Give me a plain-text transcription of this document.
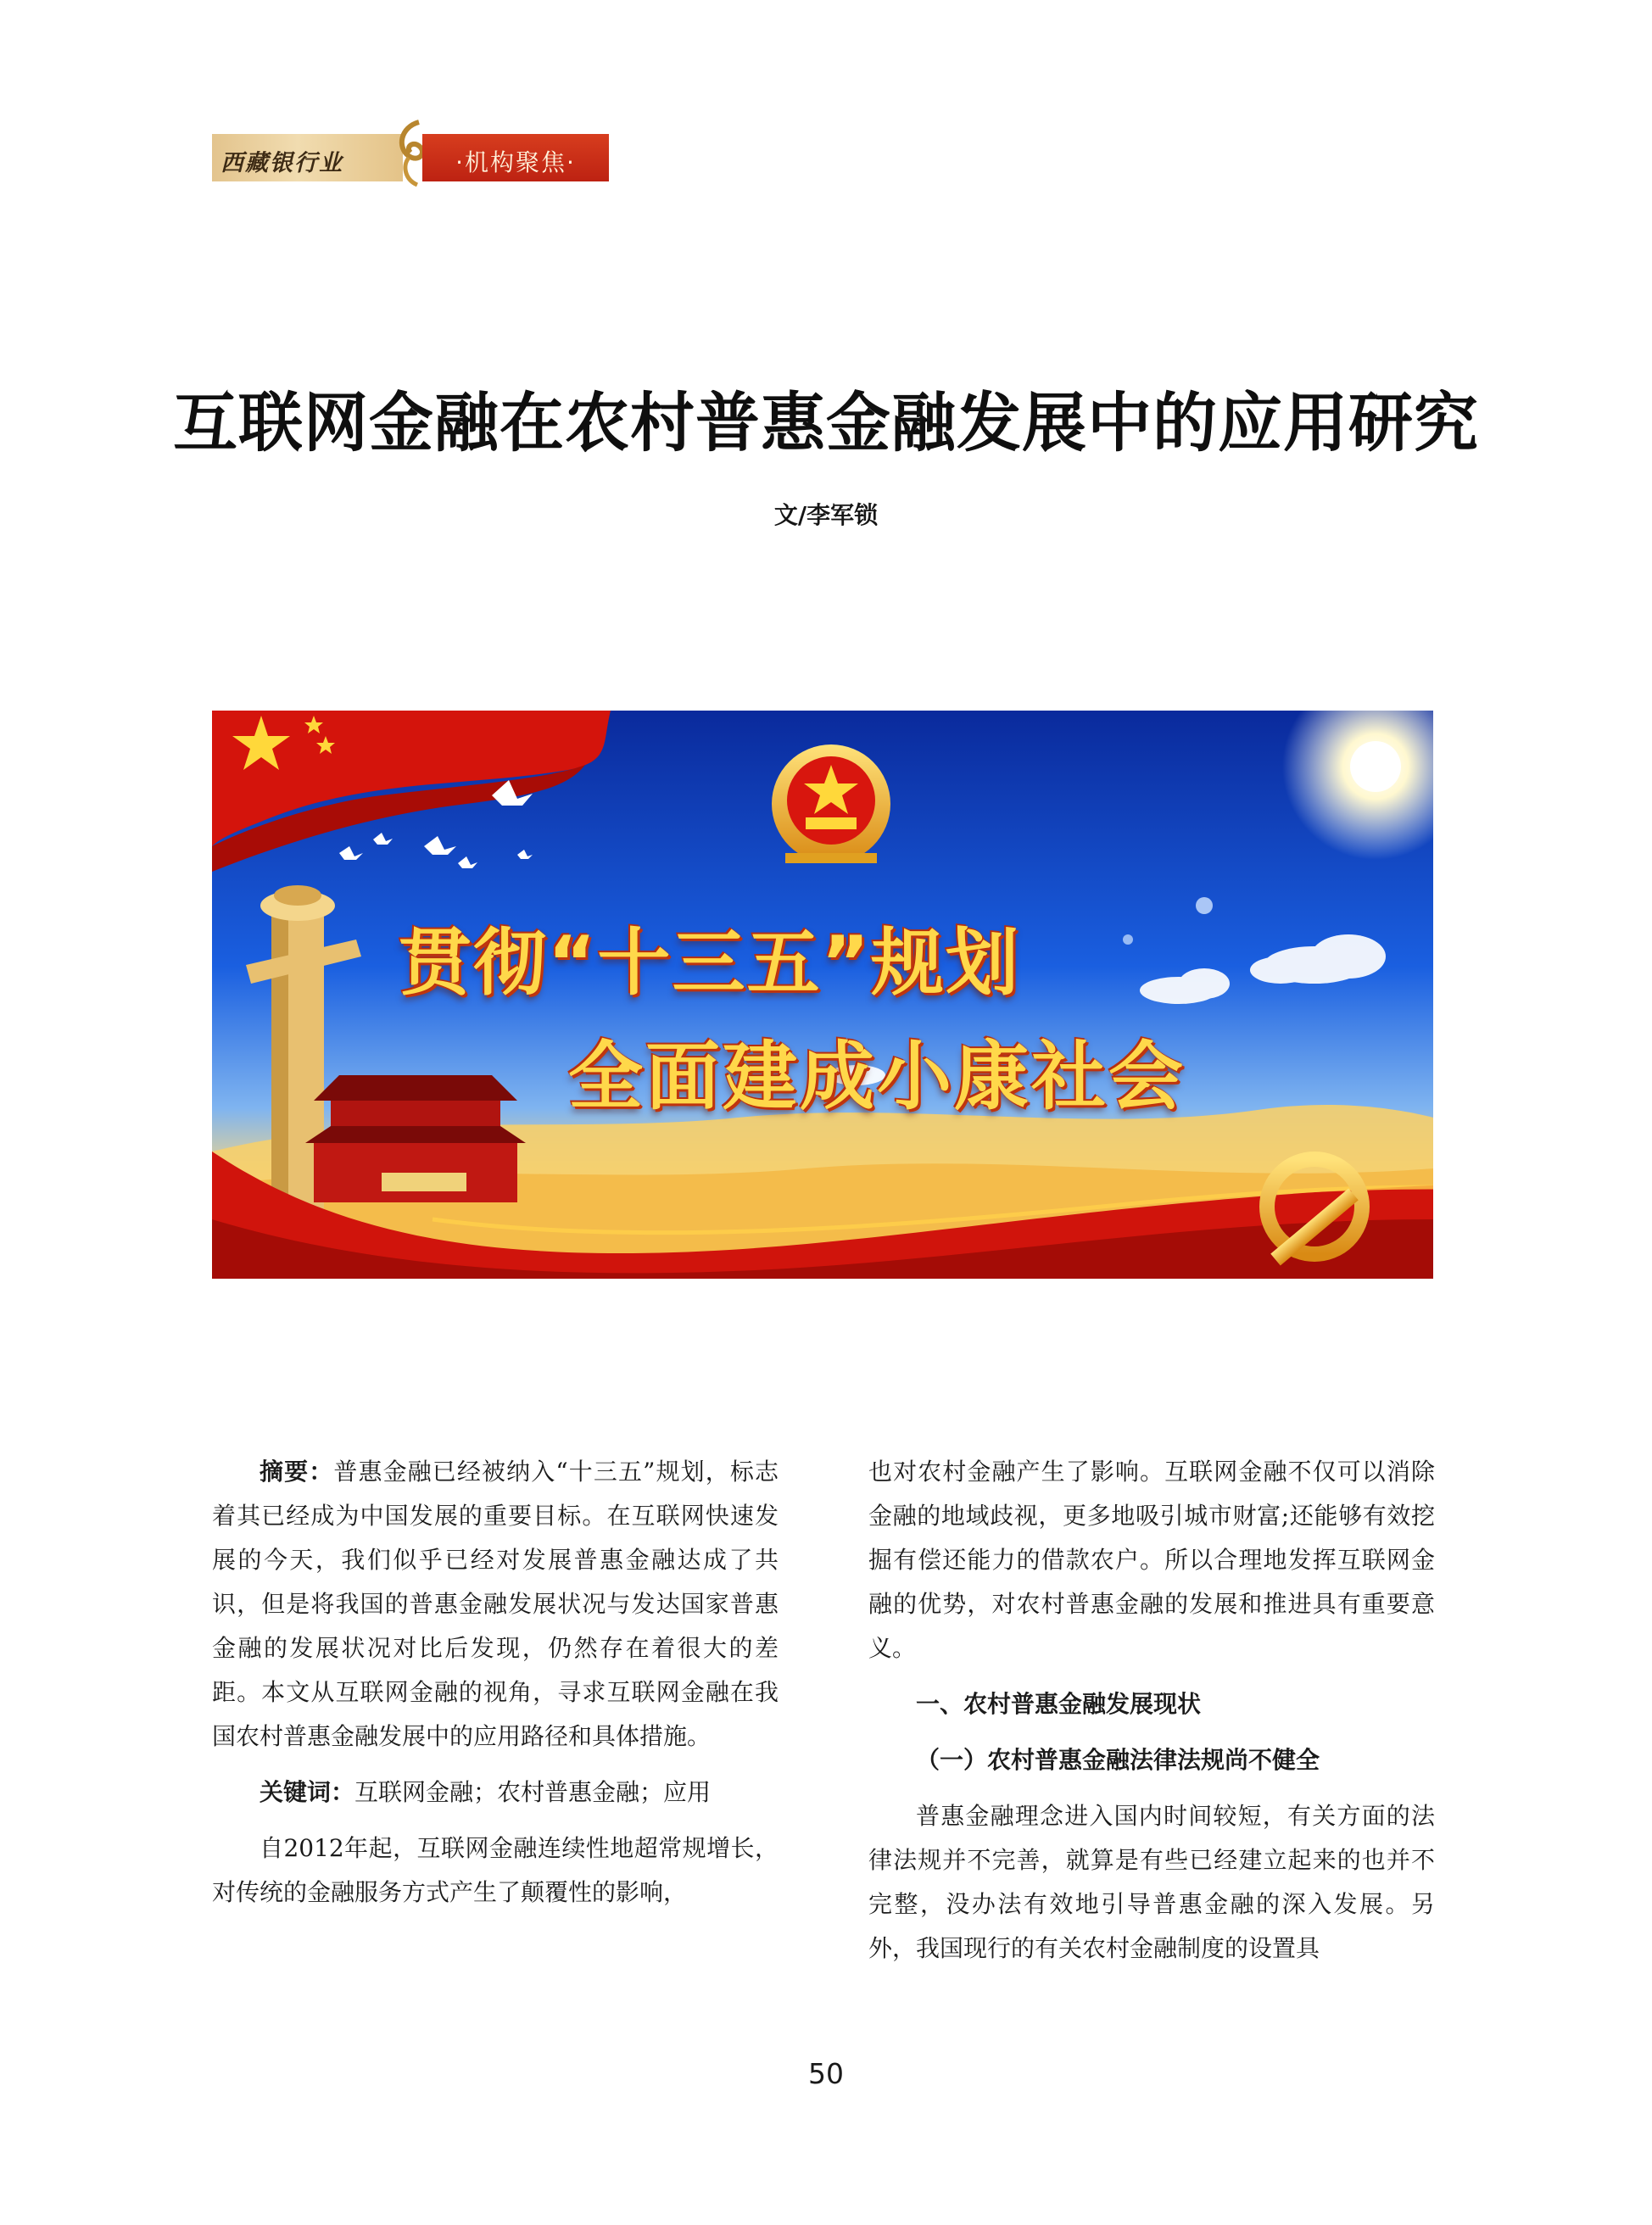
西藏银行业	·机构聚焦·
互联网金融在农村普惠金融发展中的应用研究
文/李军锁
贯彻“十三五”规划
全面建成小康社会

摘要：普惠金融已经被纳入“十三五”规划，标志着其已经成为中国发展的重要目标。在互联网快速发展的今天，我们似乎已经对发展普惠金融达成了共识，但是将我国的普惠金融发展状况与发达国家普惠金融的发展状况对比后发现，仍然存在着很大的差距。本文从互联网金融的视角，寻求互联网金融在我国农村普惠金融发展中的应用路径和具体措施。

关键词：互联网金融；农村普惠金融；应用

自2012年起，互联网金融连续性地超常规增长，对传统的金融服务方式产生了颠覆性的影响，

也对农村金融产生了影响。互联网金融不仅可以消除金融的地域歧视，更多地吸引城市财富;还能够有效挖掘有偿还能力的借款农户。所以合理地发挥互联网金融的优势，对农村普惠金融的发展和推进具有重要意义。

一、农村普惠金融发展现状

（一）农村普惠金融法律法规尚不健全

普惠金融理念进入国内时间较短，有关方面的法律法规并不完善，就算是有些已经建立起来的也并不完整，没办法有效地引导普惠金融的深入发展。另外，我国现行的有关农村金融制度的设置具

50
